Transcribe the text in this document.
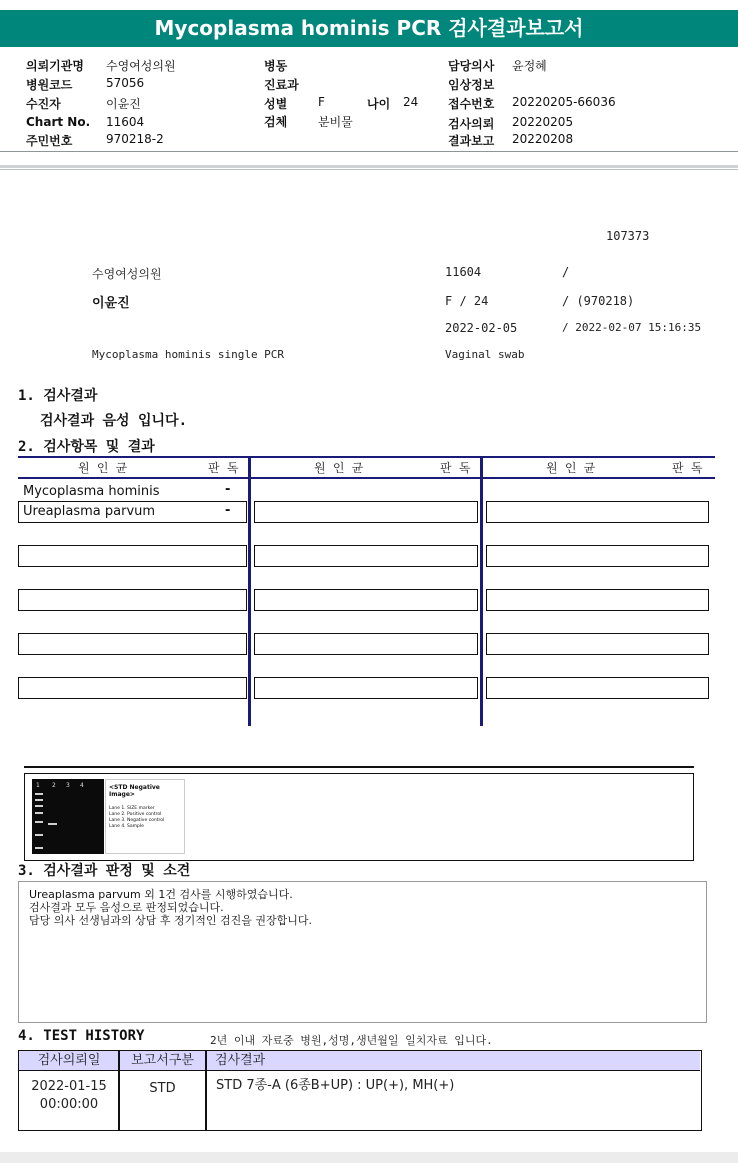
Mycoplasma hominis PCR 검사결과보고서
의뢰기관명 수영여성의원
병원코드	57056
수진자	이윤진
Chart No. 11604
주민번호	970218-2
병동
진료과
성별	F	나이 24
검체	분비물
담당의사 윤정혜
임상정보
접수번호 20220205-66036
검사의뢰 20220205
결과보고 20220208
107373
수영여성의원	11604	/
이윤진	F / 24	/ (970218)
2022-02-05	/ 2022-02-07 15:16:35
Mycoplasma hominis single PCR	Vaginal swab
1. 검사결과
검사결과 음성 입니다.
2. 검사항목 및 결과
원 인 균	판 독	원 인 균	판 독	원 인 균	판 독
Mycoplasma hominis	-
Ureaplasma parvum	-
1 2 3 4	<STD Negative Image>
Lane 1. SIZE marker
Lane 2. Positive control
Lane 3. Negative control
Lane 4. Sample
3. 검사결과 판정 및 소견
Ureaplasma parvum 외 1건 검사를 시행하였습니다.
검사결과 모두 음성으로 판정되었습니다.
담당 의사 선생님과의 상담 후 정기적인 검진을 권장합니다.
4. TEST HISTORY	2년 이내 자료중 병원,성명,생년월일 일치자료 입니다.
검사의뢰일	보고서구분	검사결과
2022-01-15
00:00:00
STD	STD 7종-A (6종B+UP) : UP(+), MH(+)
